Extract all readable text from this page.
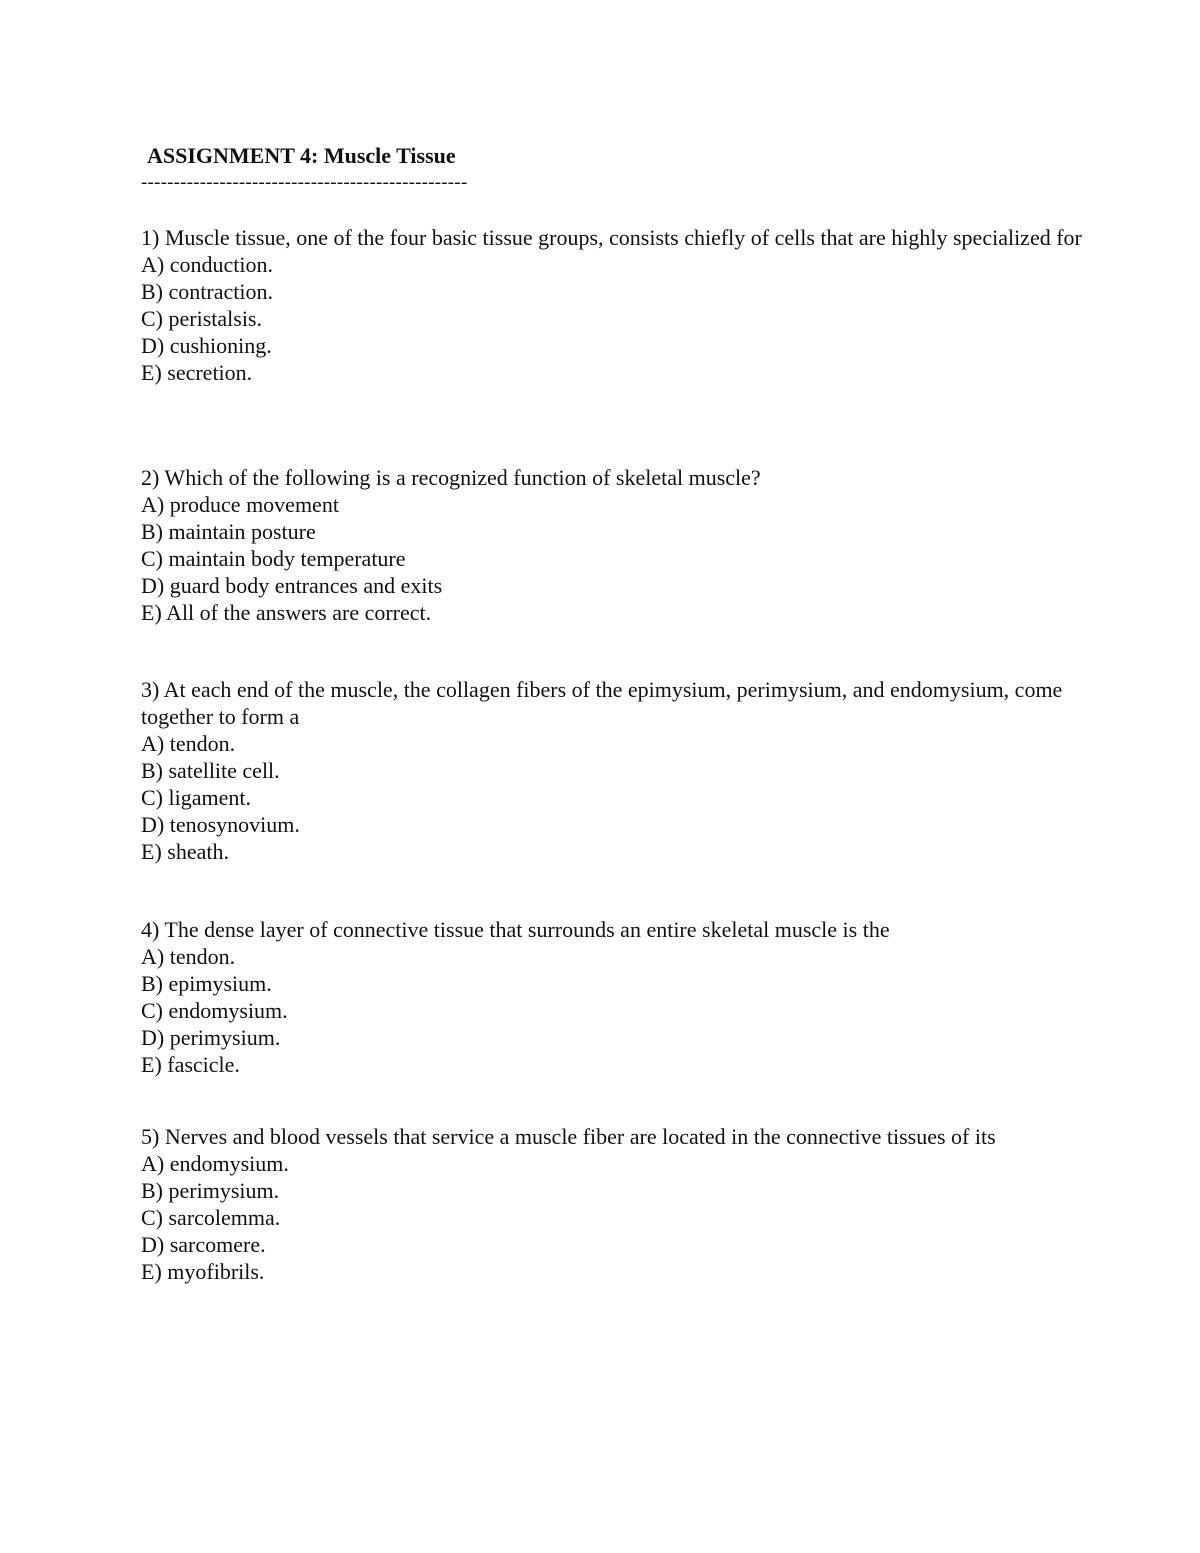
ASSIGNMENT 4: Muscle Tissue
--------------------------------------------------

1) Muscle tissue, one of the four basic tissue groups, consists chiefly of cells that are highly specialized for

A) conduction.

B) contraction.

C) peristalsis.

D) cushioning.

E) secretion.

2) Which of the following is a recognized function of skeletal muscle?

A) produce movement

B) maintain posture

C) maintain body temperature

D) guard body entrances and exits

E) All of the answers are correct.

3) At each end of the muscle, the collagen fibers of the epimysium, perimysium, and endomysium, come together to form a

A) tendon.

B) satellite cell.

C) ligament.

D) tenosynovium.

E) sheath.

4) The dense layer of connective tissue that surrounds an entire skeletal muscle is the

A) tendon.

B) epimysium.

C) endomysium.

D) perimysium.

E) fascicle.

5) Nerves and blood vessels that service a muscle fiber are located in the connective tissues of its

A) endomysium.

B) perimysium.

C) sarcolemma.

D) sarcomere.

E) myofibrils.
